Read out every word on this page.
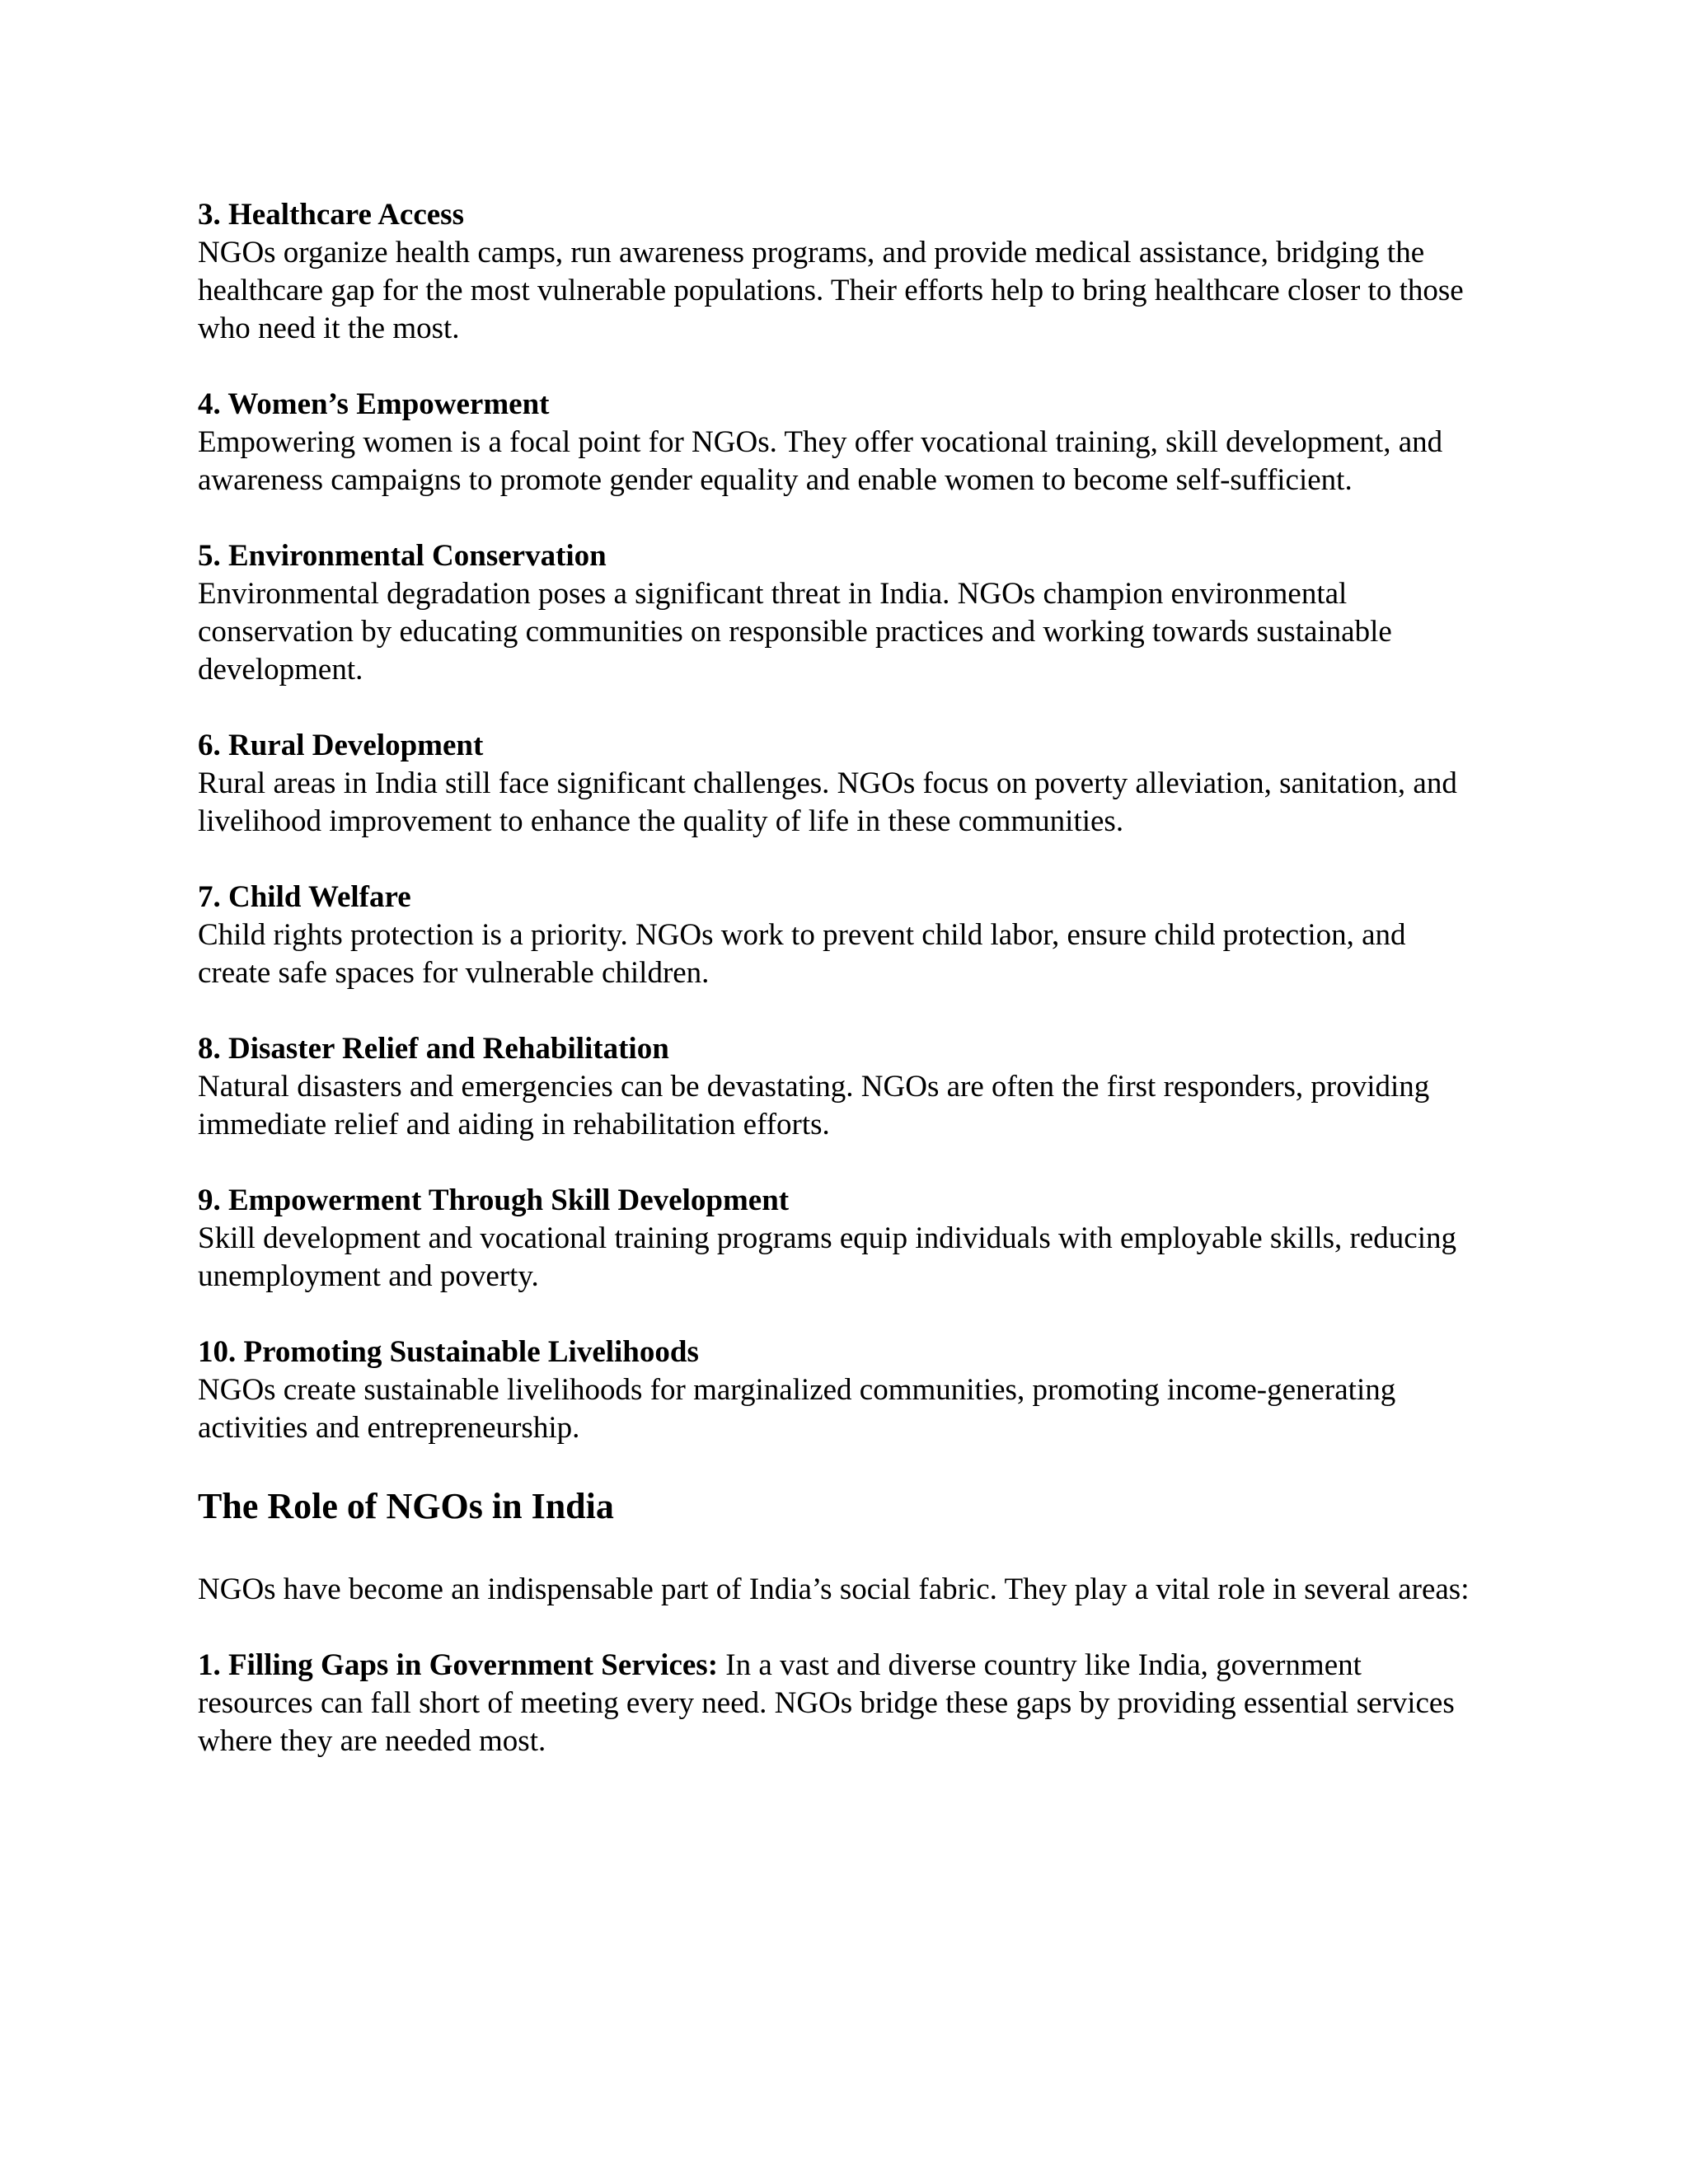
3. Healthcare Access

NGOs organize health camps, run awareness programs, and provide medical assistance, bridging the healthcare gap for the most vulnerable populations. Their efforts help to bring healthcare closer to those who need it the most.

4. Women’s Empowerment

Empowering women is a focal point for NGOs. They offer vocational training, skill development, and awareness campaigns to promote gender equality and enable women to become self-sufficient.

5. Environmental Conservation

Environmental degradation poses a significant threat in India. NGOs champion environmental conservation by educating communities on responsible practices and working towards sustainable development.

6. Rural Development

Rural areas in India still face significant challenges. NGOs focus on poverty alleviation, sanitation, and livelihood improvement to enhance the quality of life in these communities.

7. Child Welfare

Child rights protection is a priority. NGOs work to prevent child labor, ensure child protection, and create safe spaces for vulnerable children.

8. Disaster Relief and Rehabilitation

Natural disasters and emergencies can be devastating. NGOs are often the first responders, providing immediate relief and aiding in rehabilitation efforts.

9. Empowerment Through Skill Development

Skill development and vocational training programs equip individuals with employable skills, reducing unemployment and poverty.

10. Promoting Sustainable Livelihoods

NGOs create sustainable livelihoods for marginalized communities, promoting income-generating activities and entrepreneurship.

The Role of NGOs in India

NGOs have become an indispensable part of India’s social fabric. They play a vital role in several areas:

1. Filling Gaps in Government Services: In a vast and diverse country like India, government resources can fall short of meeting every need. NGOs bridge these gaps by providing essential services where they are needed most.
